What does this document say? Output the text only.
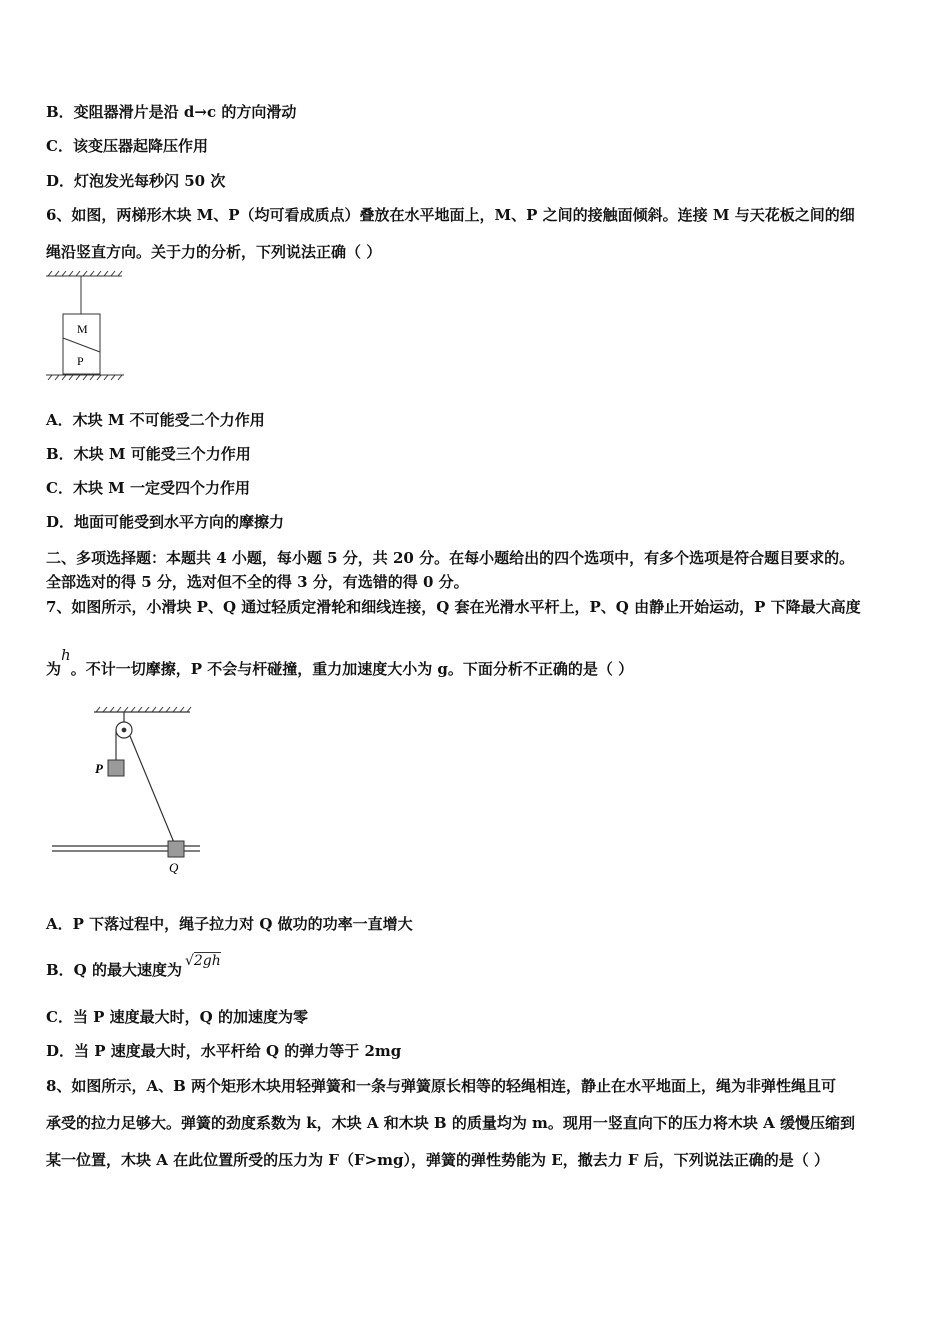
B．变阻器滑片是沿 d→c 的方向滑动
C．该变压器起降压作用
D．灯泡发光每秒闪 50 次
6、如图，两梯形木块 M、P（均可看成质点）叠放在水平地面上，M、P 之间的接触面倾斜。连接 M 与天花板之间的细
绳沿竖直方向。关于力的分析，下列说法正确（ ）
M
P
A．木块 M 不可能受二个力作用
B．木块 M 可能受三个力作用
C．木块 M 一定受四个力作用
D．地面可能受到水平方向的摩擦力
二、多项选择题：本题共 4 小题，每小题 5 分，共 20 分。在每小题给出的四个选项中，有多个选项是符合题目要求的。
全部选对的得 5 分，选对但不全的得 3 分，有选错的得 0 分。
7、如图所示，小滑块 P、Q 通过轻质定滑轮和细线连接，Q 套在光滑水平杆上，P、Q 由静止开始运动，P 下降最大高度
为h。不计一切摩擦，P 不会与杆碰撞，重力加速度大小为 g。下面分析不正确的是（ ）
P
Q
A．P 下落过程中，绳子拉力对 Q 做功的功率一直增大
B．Q 的最大速度为 √2gh
C．当 P 速度最大时，Q 的加速度为零
D．当 P 速度最大时，水平杆给 Q 的弹力等于 2mg
8、如图所示，A、B 两个矩形木块用轻弹簧和一条与弹簧原长相等的轻绳相连，静止在水平地面上，绳为非弹性绳且可
承受的拉力足够大。弹簧的劲度系数为 k，木块 A 和木块 B 的质量均为 m。现用一竖直向下的压力将木块 A 缓慢压缩到
某一位置，木块 A 在此位置所受的压力为 F（F>mg），弹簧的弹性势能为 E，撤去力 F 后，下列说法正确的是（ ）
